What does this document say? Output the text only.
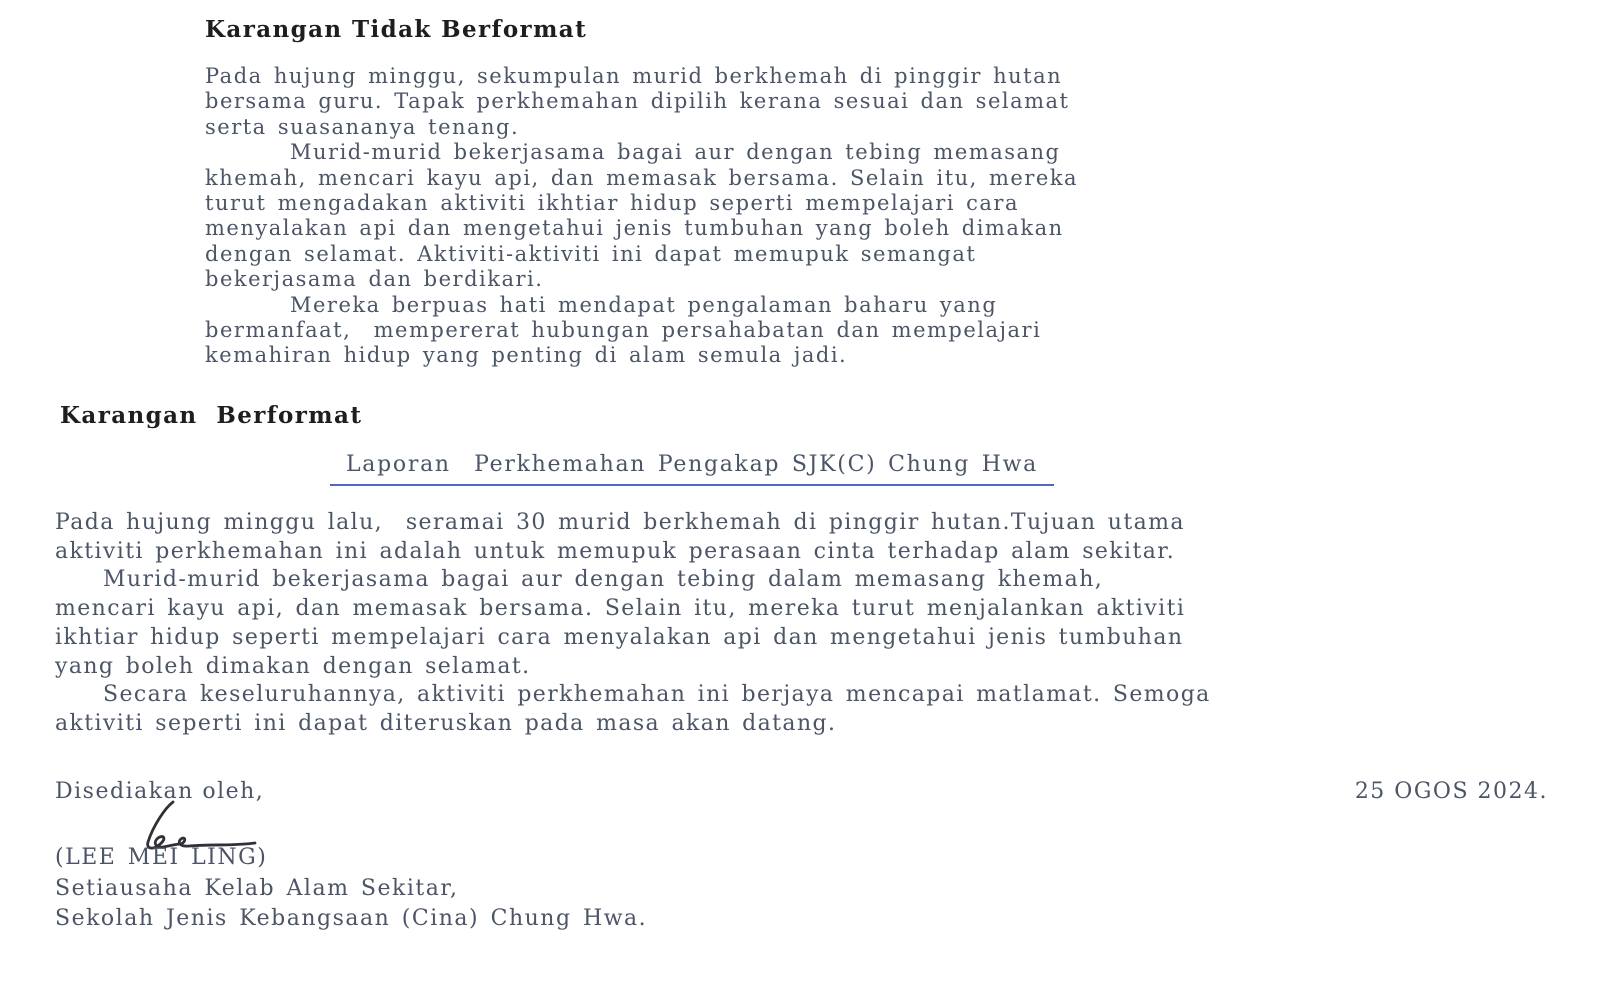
Karangan Tidak Berformat
Pada hujung minggu, sekumpulan murid berkhemah di pinggir hutan
bersama guru. Tapak perkhemahan dipilih kerana sesuai dan selamat
serta suasananya tenang.
Murid-murid bekerjasama bagai aur dengan tebing memasang
khemah, mencari kayu api, dan memasak bersama. Selain itu, mereka
turut mengadakan aktiviti ikhtiar hidup seperti mempelajari cara
menyalakan api dan mengetahui jenis tumbuhan yang boleh dimakan
dengan selamat. Aktiviti-aktiviti ini dapat memupuk semangat
bekerjasama dan berdikari.
Mereka berpuas hati mendapat pengalaman baharu yang
bermanfaat,  mempererat hubungan persahabatan dan mempelajari
kemahiran hidup yang penting di alam semula jadi.
Karangan  Berformat
Laporan  Perkhemahan Pengakap SJK(C) Chung Hwa
Pada hujung minggu lalu,  seramai 30 murid berkhemah di pinggir hutan.Tujuan utama
aktiviti perkhemahan ini adalah untuk memupuk perasaan cinta terhadap alam sekitar.
Murid-murid bekerjasama bagai aur dengan tebing dalam memasang khemah,
mencari kayu api, dan memasak bersama. Selain itu, mereka turut menjalankan aktiviti
ikhtiar hidup seperti mempelajari cara menyalakan api dan mengetahui jenis tumbuhan
yang boleh dimakan dengan selamat.
Secara keseluruhannya, aktiviti perkhemahan ini berjaya mencapai matlamat. Semoga
aktiviti seperti ini dapat diteruskan pada masa akan datang.
Disediakan oleh,	25 OGOS 2024.
(LEE MEI LING)
Setiausaha Kelab Alam Sekitar,
Sekolah Jenis Kebangsaan (Cina) Chung Hwa.
